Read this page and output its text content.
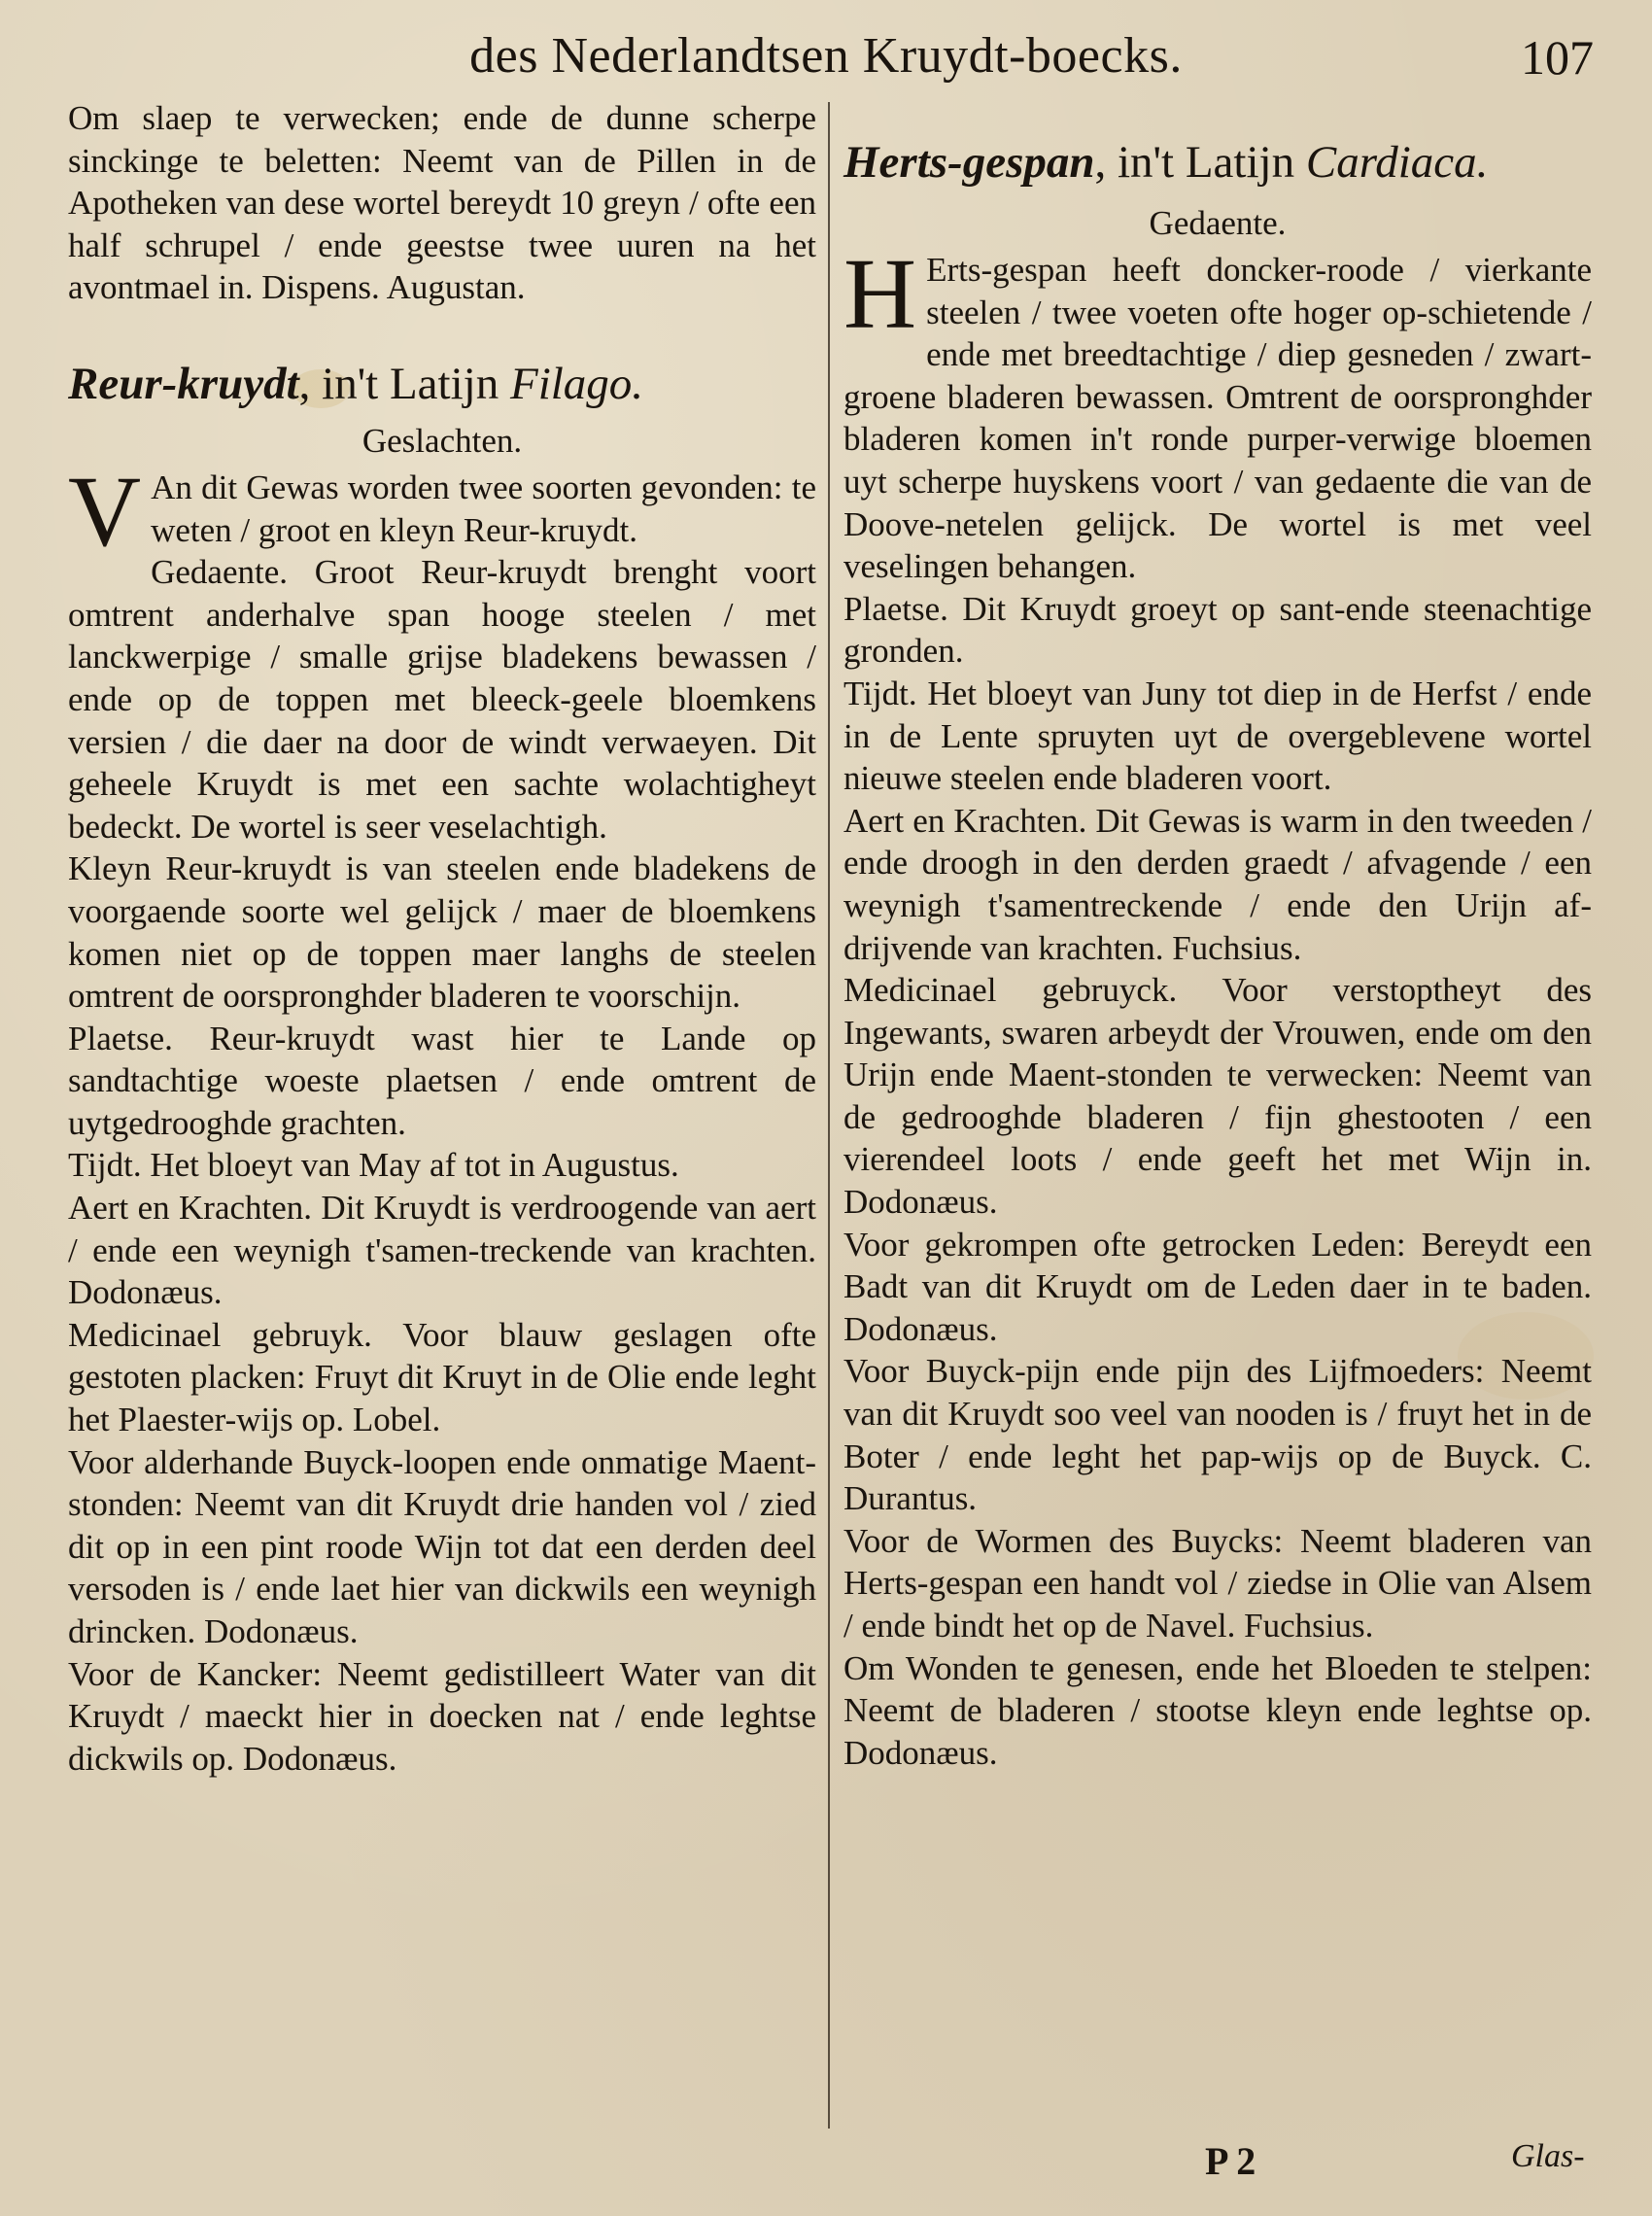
des Nederlandtsen Kruydt-boecks.	107
Om slaep te verwecken; ende de dunne scherpe sinckinge te beletten: Neemt van de Pillen in de Apotheken van dese wortel bereydt 10 greyn / ofte een half schrupel / ende geestse twee uuren na het avontmael in. Dispens. Augustan.
Reur-kruydt, in't Latijn Filago.
Geslachten.
V An dit Gewas worden twee soorten gevonden: te weten / groot en kleyn Reur-kruydt.
Gedaente. Groot Reur-kruydt brenght voort omtrent anderhalve span hooge steelen / met lanckwerpige / smalle grijse bladekens bewassen / ende op de toppen met bleeck-geele bloemkens versien / die daer na door de windt verwaeyen. Dit geheele Kruydt is met een sachte wolachtigheyt bedeckt. De wortel is seer veselachtigh.
Kleyn Reur-kruydt is van steelen ende bladekens de voorgaende soorte wel gelijck / maer de bloemkens komen niet op de toppen maer langhs de steelen omtrent de oorspronghder bladeren te voorschijn.
Plaetse. Reur-kruydt wast hier te Lande op sandtachtige woeste plaetsen / ende omtrent de uytgedrooghde grachten.
Tijdt. Het bloeyt van May af tot in Augustus.
Aert en Krachten. Dit Kruydt is verdroogende van aert / ende een weynigh t'samen-treckende van krachten. Dodonæus.
Medicinael gebruyk. Voor blauw geslagen ofte gestoten placken: Fruyt dit Kruyt in de Olie ende leght het Plaester-wijs op. Lobel.
Voor alderhande Buyck-loopen ende onmatige Maent-stonden: Neemt van dit Kruydt drie handen vol / zied dit op in een pint roode Wijn tot dat een derden deel versoden is / ende laet hier van dickwils een weynigh drincken. Dodonæus.
Voor de Kancker: Neemt gedistilleert Water van dit Kruydt / maeckt hier in doecken nat / ende leghtse dickwils op. Dodonæus.
Herts-gespan, in't Latijn Cardiaca.
Gedaente.
H Erts-gespan heeft doncker-roode / vierkante steelen / twee voeten ofte hoger op-schietende / ende met breedtachtige / diep gesneden / zwart-groene bladeren bewassen. Omtrent de oorspronghder bladeren komen in't ronde purper-verwige bloemen uyt scherpe huyskens voort / van gedaente die van de Doove-netelen gelijck. De wortel is met veel veselingen behangen.
Plaetse. Dit Kruydt groeyt op sant-ende steenachtige gronden.
Tijdt. Het bloeyt van Juny tot diep in de Herfst / ende in de Lente spruyten uyt de overgeblevene wortel nieuwe steelen ende bladeren voort.
Aert en Krachten. Dit Gewas is warm in den tweeden / ende droogh in den derden graedt / afvagende / een weynigh t'samentreckende / ende den Urijn af-drijvende van krachten. Fuchsius.
Medicinael gebruyck. Voor verstoptheyt des Ingewants, swaren arbeydt der Vrouwen, ende om den Urijn ende Maent-stonden te verwecken: Neemt van de gedrooghde bladeren / fijn ghestooten / een vierendeel loots / ende geeft het met Wijn in. Dodonæus.
Voor gekrompen ofte getrocken Leden: Bereydt een Badt van dit Kruydt om de Leden daer in te baden. Dodonæus.
Voor Buyck-pijn ende pijn des Lijfmoeders: Neemt van dit Kruydt soo veel van nooden is / fruyt het in de Boter / ende leght het pap-wijs op de Buyck. C. Durantus.
Voor de Wormen des Buycks: Neemt bladeren van Herts-gespan een handt vol / ziedse in Olie van Alsem / ende bindt het op de Navel. Fuchsius.
Om Wonden te genesen, ende het Bloeden te stelpen: Neemt de bladeren / stootse kleyn ende leghtse op. Dodonæus.
P 2	Glas-
